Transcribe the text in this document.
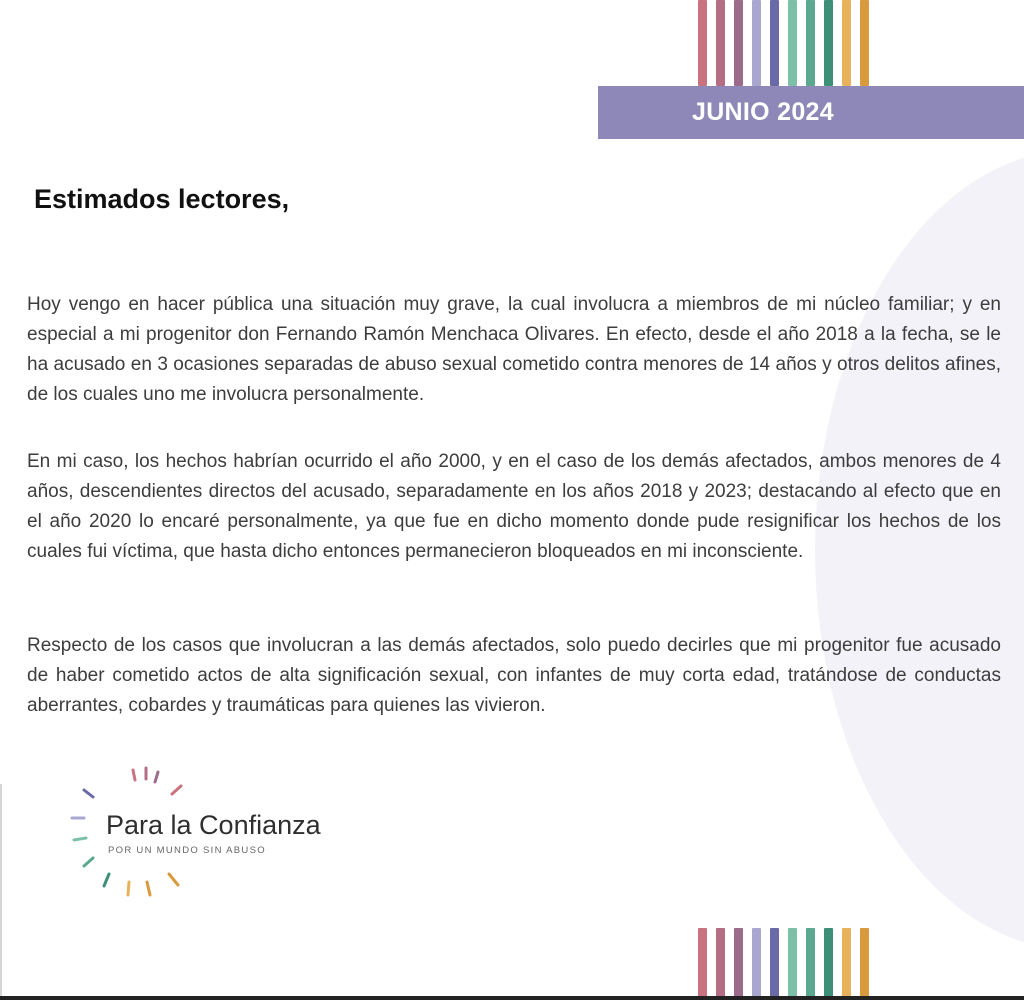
JUNIO 2024
Estimados lectores,

Hoy vengo en hacer pública una situación muy grave, la cual involucra a miembros de mi núcleo familiar; y en especial a mi progenitor don Fernando Ramón Menchaca Olivares. En efecto, desde el año 2018 a la fecha, se le ha acusado en 3 ocasiones separadas de abuso sexual cometido contra menores de 14 años y otros delitos afines, de los cuales uno me involucra personalmente.

En mi caso, los hechos habrían ocurrido el año 2000, y en el caso de los demás afectados, ambos menores de 4 años, descendientes directos del acusado, separadamente en los años 2018 y 2023; destacando al efecto que en el año 2020 lo encaré personalmente, ya que fue en dicho momento donde pude resignificar los hechos de los cuales fui víctima, que hasta dicho entonces permanecieron bloqueados en mi inconsciente.

Respecto de los casos que involucran a las demás afectados, solo puedo decirles que mi progenitor fue acusado de haber cometido actos de alta significación sexual, con infantes de muy corta edad, tratándose de conductas aberrantes, cobardes y traumáticas para quienes las vivieron.

Para la Confianza
POR UN MUNDO SIN ABUSO
